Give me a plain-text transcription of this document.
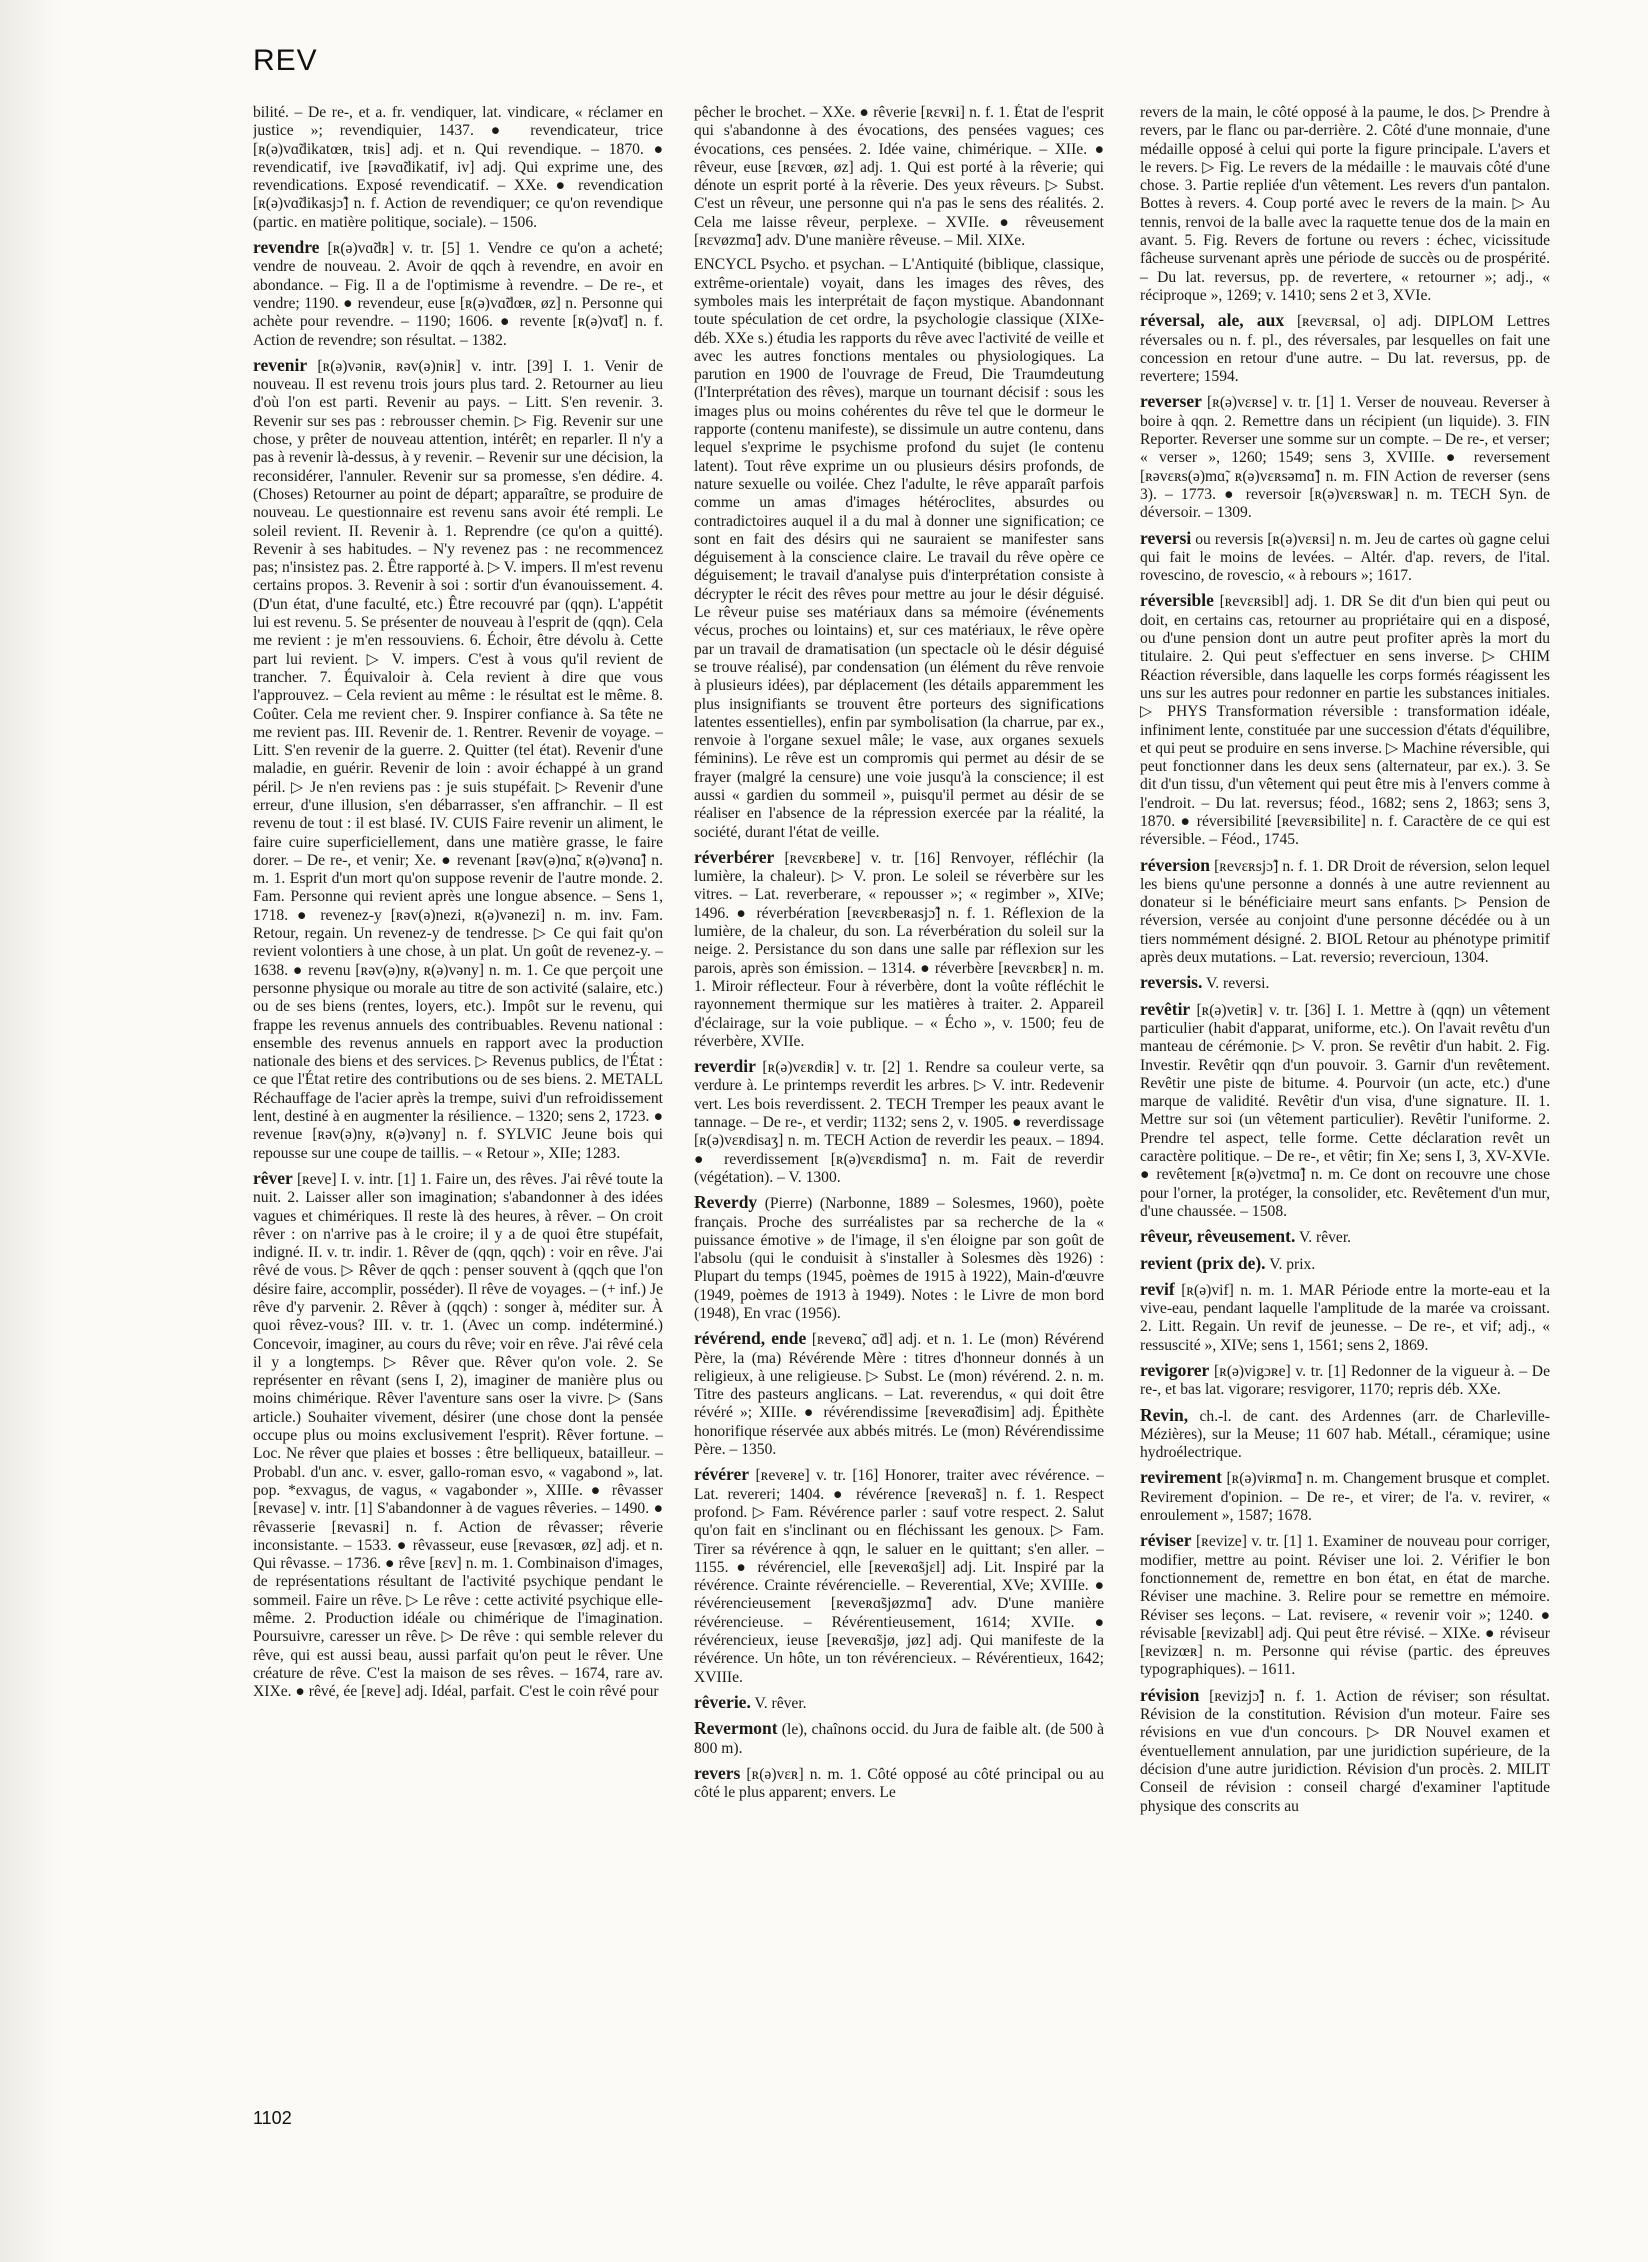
REV
bilité. – De re-, et a. fr. vendiquer, lat. vindicare, « réclamer en justice »; revendiquier, 1437. ● revendicateur, trice [ʀ(ə)vɑ̃dikatœʀ, tʀis] adj. et n. Qui revendique. – 1870. ● revendicatif, ive [ʀəvɑ̃dikatif, iv] adj. Qui exprime une, des revendications. Exposé revendicatif. – XXe. ● revendication [ʀ(ə)vɑ̃dikasjɔ̃] n. f. Action de revendiquer; ce qu'on revendique (partic. en matière politique, sociale). – 1506.
revendre [ʀ(ə)vɑ̃dʀ] v. tr. [5] 1. Vendre ce qu'on a acheté; vendre de nouveau. 2. Avoir de qqch à revendre, en avoir en abondance. – Fig. Il a de l'optimisme à revendre. – De re-, et vendre; 1190. ● revendeur, euse [ʀ(ə)vɑ̃dœʀ, øz] n. Personne qui achète pour revendre. – 1190; 1606. ● revente [ʀ(ə)vɑ̃t] n. f. Action de revendre; son résultat. – 1382.
revenir [ʀ(ə)vəniʀ, ʀəv(ə)niʀ] v. intr. [39] I. 1. Venir de nouveau. Il est revenu trois jours plus tard. 2. Retourner au lieu d'où l'on est parti. Revenir au pays. – Litt. S'en revenir. 3. Revenir sur ses pas : rebrousser chemin. ▷ Fig. Revenir sur une chose, y prêter de nouveau attention, intérêt; en reparler. Il n'y a pas à revenir là-dessus, à y revenir. – Revenir sur une décision, la reconsidérer, l'annuler. Revenir sur sa promesse, s'en dédire. 4. (Choses) Retourner au point de départ; apparaître, se produire de nouveau. Le questionnaire est revenu sans avoir été rempli. Le soleil revient. II. Revenir à. 1. Reprendre (ce qu'on a quitté). Revenir à ses habitudes. – N'y revenez pas : ne recommencez pas; n'insistez pas. 2. Être rapporté à. ▷ V. impers. Il m'est revenu certains propos. 3. Revenir à soi : sortir d'un évanouissement. 4. (D'un état, d'une faculté, etc.) Être recouvré par (qqn). L'appétit lui est revenu. 5. Se présenter de nouveau à l'esprit de (qqn). Cela me revient : je m'en ressouviens. 6. Échoir, être dévolu à. Cette part lui revient. ▷ V. impers. C'est à vous qu'il revient de trancher. 7. Équivaloir à. Cela revient à dire que vous l'approuvez. – Cela revient au même : le résultat est le même. 8. Coûter. Cela me revient cher. 9. Inspirer confiance à. Sa tête ne me revient pas. III. Revenir de. 1. Rentrer. Revenir de voyage. – Litt. S'en revenir de la guerre. 2. Quitter (tel état). Revenir d'une maladie, en guérir. Revenir de loin : avoir échappé à un grand péril. ▷ Je n'en reviens pas : je suis stupéfait. ▷ Revenir d'une erreur, d'une illusion, s'en débarrasser, s'en affranchir. – Il est revenu de tout : il est blasé. IV. CUIS Faire revenir un aliment, le faire cuire superficiellement, dans une matière grasse, le faire dorer. – De re-, et venir; Xe. ● revenant [ʀəv(ə)nɑ̃, ʀ(ə)vənɑ̃] n. m. 1. Esprit d'un mort qu'on suppose revenir de l'autre monde. 2. Fam. Personne qui revient après une longue absence. – Sens 1, 1718. ● revenez-y [ʀəv(ə)nezi, ʀ(ə)vənezi] n. m. inv. Fam. Retour, regain. Un revenez-y de tendresse. ▷ Ce qui fait qu'on revient volontiers à une chose, à un plat. Un goût de revenez-y. – 1638. ● revenu [ʀəv(ə)ny, ʀ(ə)vəny] n. m. 1. Ce que perçoit une personne physique ou morale au titre de son activité (salaire, etc.) ou de ses biens (rentes, loyers, etc.). Impôt sur le revenu, qui frappe les revenus annuels des contribuables. Revenu national : ensemble des revenus annuels en rapport avec la production nationale des biens et des services. ▷ Revenus publics, de l'État : ce que l'État retire des contributions ou de ses biens. 2. METALL Réchauffage de l'acier après la trempe, suivi d'un refroidissement lent, destiné à en augmenter la résilience. – 1320; sens 2, 1723. ● revenue [ʀəv(ə)ny, ʀ(ə)vəny] n. f. SYLVIC Jeune bois qui repousse sur une coupe de taillis. – « Retour », XIIe; 1283.
rêver [ʀeve] I. v. intr. [1] 1. Faire un, des rêves. J'ai rêvé toute la nuit. 2. Laisser aller son imagination; s'abandonner à des idées vagues et chimériques. Il reste là des heures, à rêver. – On croit rêver : on n'arrive pas à le croire; il y a de quoi être stupéfait, indigné. II. v. tr. indir. 1. Rêver de (qqn, qqch) : voir en rêve. J'ai rêvé de vous. ▷ Rêver de qqch : penser souvent à (qqch que l'on désire faire, accomplir, posséder). Il rêve de voyages. – (+ inf.) Je rêve d'y parvenir. 2. Rêver à (qqch) : songer à, méditer sur. À quoi rêvez-vous? III. v. tr. 1. (Avec un comp. indéterminé.) Concevoir, imaginer, au cours du rêve; voir en rêve. J'ai rêvé cela il y a longtemps. ▷ Rêver que. Rêver qu'on vole. 2. Se représenter en rêvant (sens I, 2), imaginer de manière plus ou moins chimérique. Rêver l'aventure sans oser la vivre. ▷ (Sans article.) Souhaiter vivement, désirer (une chose dont la pensée occupe plus ou moins exclusivement l'esprit). Rêver fortune. – Loc. Ne rêver que plaies et bosses : être belliqueux, batailleur. – Probabl. d'un anc. v. esver, gallo-roman esvo, « vagabond », lat. pop. *exvagus, de vagus, « vagabonder », XIIIe. ● rêvasser [ʀevase] v. intr. [1] S'abandonner à de vagues rêveries. – 1490. ● rêvasserie [ʀevasʀi] n. f. Action de rêvasser; rêverie inconsistante. – 1533. ● rêvasseur, euse [ʀevasœʀ, øz] adj. et n. Qui rêvasse. – 1736. ● rêve [ʀɛv] n. m. 1. Combinaison d'images, de représentations résultant de l'activité psychique pendant le sommeil. Faire un rêve. ▷ Le rêve : cette activité psychique elle-même. 2. Production idéale ou chimérique de l'imagination. Poursuivre, caresser un rêve. ▷ De rêve : qui semble relever du rêve, qui est aussi beau, aussi parfait qu'on peut le rêver. Une créature de rêve. C'est la maison de ses rêves. – 1674, rare av. XIXe. ● rêvé, ée [ʀeve] adj. Idéal, parfait. C'est le coin rêvé pour
pêcher le brochet. – XXe. ● rêverie [ʀɛvʀi] n. f. 1. État de l'esprit qui s'abandonne à des évocations, des pensées vagues; ces évocations, ces pensées. 2. Idée vaine, chimérique. – XIIe. ● rêveur, euse [ʀɛvœʀ, øz] adj. 1. Qui est porté à la rêverie; qui dénote un esprit porté à la rêverie. Des yeux rêveurs. ▷ Subst. C'est un rêveur, une personne qui n'a pas le sens des réalités. 2. Cela me laisse rêveur, perplexe. – XVIIe. ● rêveusement [ʀɛvøzmɑ̃] adv. D'une manière rêveuse. – Mil. XIXe.
ENCYCL Psycho. et psychan. – L'Antiquité (biblique, classique, extrême-orientale) voyait, dans les images des rêves, des symboles mais les interprétait de façon mystique. Abandonnant toute spéculation de cet ordre, la psychologie classique (XIXe-déb. XXe s.) étudia les rapports du rêve avec l'activité de veille et avec les autres fonctions mentales ou physiologiques. La parution en 1900 de l'ouvrage de Freud, Die Traumdeutung (l'Interprétation des rêves), marque un tournant décisif : sous les images plus ou moins cohérentes du rêve tel que le dormeur le rapporte (contenu manifeste), se dissimule un autre contenu, dans lequel s'exprime le psychisme profond du sujet (le contenu latent). Tout rêve exprime un ou plusieurs désirs profonds, de nature sexuelle ou voilée. Chez l'adulte, le rêve apparaît parfois comme un amas d'images hétéroclites, absurdes ou contradictoires auquel il a du mal à donner une signification; ce sont en fait des désirs qui ne sauraient se manifester sans déguisement à la conscience claire. Le travail du rêve opère ce déguisement; le travail d'analyse puis d'interprétation consiste à décrypter le récit des rêves pour mettre au jour le désir déguisé. Le rêveur puise ses matériaux dans sa mémoire (événements vécus, proches ou lointains) et, sur ces matériaux, le rêve opère par un travail de dramatisation (un spectacle où le désir déguisé se trouve réalisé), par condensation (un élément du rêve renvoie à plusieurs idées), par déplacement (les détails apparemment les plus insignifiants se trouvent être porteurs des significations latentes essentielles), enfin par symbolisation (la charrue, par ex., renvoie à l'organe sexuel mâle; le vase, aux organes sexuels féminins). Le rêve est un compromis qui permet au désir de se frayer (malgré la censure) une voie jusqu'à la conscience; il est aussi « gardien du sommeil », puisqu'il permet au désir de se réaliser en l'absence de la répression exercée par la réalité, la société, durant l'état de veille.
réverbérer [ʀevɛʀbeʀe] v. tr. [16] Renvoyer, réfléchir (la lumière, la chaleur). ▷ V. pron. Le soleil se réverbère sur les vitres. – Lat. reverberare, « repousser »; « regimber », XIVe; 1496. ● réverbération [ʀevɛʀbeʀasjɔ̃] n. f. 1. Réflexion de la lumière, de la chaleur, du son. La réverbération du soleil sur la neige. 2. Persistance du son dans une salle par réflexion sur les parois, après son émission. – 1314. ● réverbère [ʀevɛʀbɛʀ] n. m. 1. Miroir réflecteur. Four à réverbère, dont la voûte réfléchit le rayonnement thermique sur les matières à traiter. 2. Appareil d'éclairage, sur la voie publique. – « Écho », v. 1500; feu de réverbère, XVIIe.
reverdir [ʀ(ə)vɛʀdiʀ] v. tr. [2] 1. Rendre sa couleur verte, sa verdure à. Le printemps reverdit les arbres. ▷ V. intr. Redevenir vert. Les bois reverdissent. 2. TECH Tremper les peaux avant le tannage. – De re-, et verdir; 1132; sens 2, v. 1905. ● reverdissage [ʀ(ə)vɛʀdisaʒ] n. m. TECH Action de reverdir les peaux. – 1894. ● reverdissement [ʀ(ə)vɛʀdismɑ̃] n. m. Fait de reverdir (végétation). – V. 1300.
Reverdy (Pierre) (Narbonne, 1889 – Solesmes, 1960), poète français. Proche des surréalistes par sa recherche de la « puissance émotive » de l'image, il s'en éloigne par son goût de l'absolu (qui le conduisit à s'installer à Solesmes dès 1926) : Plupart du temps (1945, poèmes de 1915 à 1922), Main-d'œuvre (1949, poèmes de 1913 à 1949). Notes : le Livre de mon bord (1948), En vrac (1956).
révérend, ende [ʀeveʀɑ̃, ɑ̃d] adj. et n. 1. Le (mon) Révérend Père, la (ma) Révérende Mère : titres d'honneur donnés à un religieux, à une religieuse. ▷ Subst. Le (mon) révérend. 2. n. m. Titre des pasteurs anglicans. – Lat. reverendus, « qui doit être révéré »; XIIIe. ● révérendissime [ʀeveʀɑ̃disim] adj. Épithète honorifique réservée aux abbés mitrés. Le (mon) Révérendissime Père. – 1350.
révérer [ʀeveʀe] v. tr. [16] Honorer, traiter avec révérence. – Lat. revereri; 1404. ● révérence [ʀeveʀɑ̃s] n. f. 1. Respect profond. ▷ Fam. Révérence parler : sauf votre respect. 2. Salut qu'on fait en s'inclinant ou en fléchissant les genoux. ▷ Fam. Tirer sa révérence à qqn, le saluer en le quittant; s'en aller. – 1155. ● révérenciel, elle [ʀeveʀɑ̃sjɛl] adj. Lit. Inspiré par la révérence. Crainte révérencielle. – Reverential, XVe; XVIIIe. ● révérencieusement [ʀeveʀɑ̃sjøzmɑ̃] adv. D'une manière révérencieuse. – Révérentieusement, 1614; XVIIe. ● révérencieux, ieuse [ʀeveʀɑ̃sjø, jøz] adj. Qui manifeste de la révérence. Un hôte, un ton révérencieux. – Révérentieux, 1642; XVIIIe.
rêverie. V. rêver.
Revermont (le), chaînons occid. du Jura de faible alt. (de 500 à 800 m).
revers [ʀ(ə)vɛʀ] n. m. 1. Côté opposé au côté principal ou au côté le plus apparent; envers. Le
revers de la main, le côté opposé à la paume, le dos. ▷ Prendre à revers, par le flanc ou par-derrière. 2. Côté d'une monnaie, d'une médaille opposé à celui qui porte la figure principale. L'avers et le revers. ▷ Fig. Le revers de la médaille : le mauvais côté d'une chose. 3. Partie repliée d'un vêtement. Les revers d'un pantalon. Bottes à revers. 4. Coup porté avec le revers de la main. ▷ Au tennis, renvoi de la balle avec la raquette tenue dos de la main en avant. 5. Fig. Revers de fortune ou revers : échec, vicissitude fâcheuse survenant après une période de succès ou de prospérité. – Du lat. reversus, pp. de revertere, « retourner »; adj., « réciproque », 1269; v. 1410; sens 2 et 3, XVIe.
réversal, ale, aux [ʀevɛʀsal, o] adj. DIPLOM Lettres réversales ou n. f. pl., des réversales, par lesquelles on fait une concession en retour d'une autre. – Du lat. reversus, pp. de revertere; 1594.
reverser [ʀ(ə)vɛʀse] v. tr. [1] 1. Verser de nouveau. Reverser à boire à qqn. 2. Remettre dans un récipient (un liquide). 3. FIN Reporter. Reverser une somme sur un compte. – De re-, et verser; « verser », 1260; 1549; sens 3, XVIIIe. ● reversement [ʀəvɛʀs(ə)mɑ̃, ʀ(ə)vɛʀsəmɑ̃] n. m. FIN Action de reverser (sens 3). – 1773. ● reversoir [ʀ(ə)vɛʀswaʀ] n. m. TECH Syn. de déversoir. – 1309.
reversi ou reversis [ʀ(ə)vɛʀsi] n. m. Jeu de cartes où gagne celui qui fait le moins de levées. – Altér. d'ap. revers, de l'ital. rovescino, de rovescio, « à rebours »; 1617.
réversible [ʀevɛʀsibl] adj. 1. DR Se dit d'un bien qui peut ou doit, en certains cas, retourner au propriétaire qui en a disposé, ou d'une pension dont un autre peut profiter après la mort du titulaire. 2. Qui peut s'effectuer en sens inverse. ▷ CHIM Réaction réversible, dans laquelle les corps formés réagissent les uns sur les autres pour redonner en partie les substances initiales. ▷ PHYS Transformation réversible : transformation idéale, infiniment lente, constituée par une succession d'états d'équilibre, et qui peut se produire en sens inverse. ▷ Machine réversible, qui peut fonctionner dans les deux sens (alternateur, par ex.). 3. Se dit d'un tissu, d'un vêtement qui peut être mis à l'envers comme à l'endroit. – Du lat. reversus; féod., 1682; sens 2, 1863; sens 3, 1870. ● réversibilité [ʀevɛʀsibilite] n. f. Caractère de ce qui est réversible. – Féod., 1745.
réversion [ʀevɛʀsjɔ̃] n. f. 1. DR Droit de réversion, selon lequel les biens qu'une personne a donnés à une autre reviennent au donateur si le bénéficiaire meurt sans enfants. ▷ Pension de réversion, versée au conjoint d'une personne décédée ou à un tiers nommément désigné. 2. BIOL Retour au phénotype primitif après deux mutations. – Lat. reversio; revercioun, 1304.
reversis. V. reversi.
revêtir [ʀ(ə)vetiʀ] v. tr. [36] I. 1. Mettre à (qqn) un vêtement particulier (habit d'apparat, uniforme, etc.). On l'avait revêtu d'un manteau de cérémonie. ▷ V. pron. Se revêtir d'un habit. 2. Fig. Investir. Revêtir qqn d'un pouvoir. 3. Garnir d'un revêtement. Revêtir une piste de bitume. 4. Pourvoir (un acte, etc.) d'une marque de validité. Revêtir d'un visa, d'une signature. II. 1. Mettre sur soi (un vêtement particulier). Revêtir l'uniforme. 2. Prendre tel aspect, telle forme. Cette déclaration revêt un caractère politique. – De re-, et vêtir; fin Xe; sens I, 3, XV-XVIe. ● revêtement [ʀ(ə)vɛtmɑ̃] n. m. Ce dont on recouvre une chose pour l'orner, la protéger, la consolider, etc. Revêtement d'un mur, d'une chaussée. – 1508.
rêveur, rêveusement. V. rêver.
revient (prix de). V. prix.
revif [ʀ(ə)vif] n. m. 1. MAR Période entre la morte-eau et la vive-eau, pendant laquelle l'amplitude de la marée va croissant. 2. Litt. Regain. Un revif de jeunesse. – De re-, et vif; adj., « ressuscité », XIVe; sens 1, 1561; sens 2, 1869.
revigorer [ʀ(ə)vigɔʀe] v. tr. [1] Redonner de la vigueur à. – De re-, et bas lat. vigorare; resvigorer, 1170; repris déb. XXe.
Revin, ch.-l. de cant. des Ardennes (arr. de Charleville-Mézières), sur la Meuse; 11 607 hab. Métall., céramique; usine hydroélectrique.
revirement [ʀ(ə)viʀmɑ̃] n. m. Changement brusque et complet. Revirement d'opinion. – De re-, et virer; de l'a. v. revirer, « enroulement », 1587; 1678.
réviser [ʀevize] v. tr. [1] 1. Examiner de nouveau pour corriger, modifier, mettre au point. Réviser une loi. 2. Vérifier le bon fonctionnement de, remettre en bon état, en état de marche. Réviser une machine. 3. Relire pour se remettre en mémoire. Réviser ses leçons. – Lat. revisere, « revenir voir »; 1240. ● révisable [ʀevizabl] adj. Qui peut être révisé. – XIXe. ● réviseur [ʀevizœʀ] n. m. Personne qui révise (partic. des épreuves typographiques). – 1611.
révision [ʀevizjɔ̃] n. f. 1. Action de réviser; son résultat. Révision de la constitution. Révision d'un moteur. Faire ses révisions en vue d'un concours. ▷ DR Nouvel examen et éventuellement annulation, par une juridiction supérieure, de la décision d'une autre juridiction. Révision d'un procès. 2. MILIT Conseil de révision : conseil chargé d'examiner l'aptitude physique des conscrits au
1102
